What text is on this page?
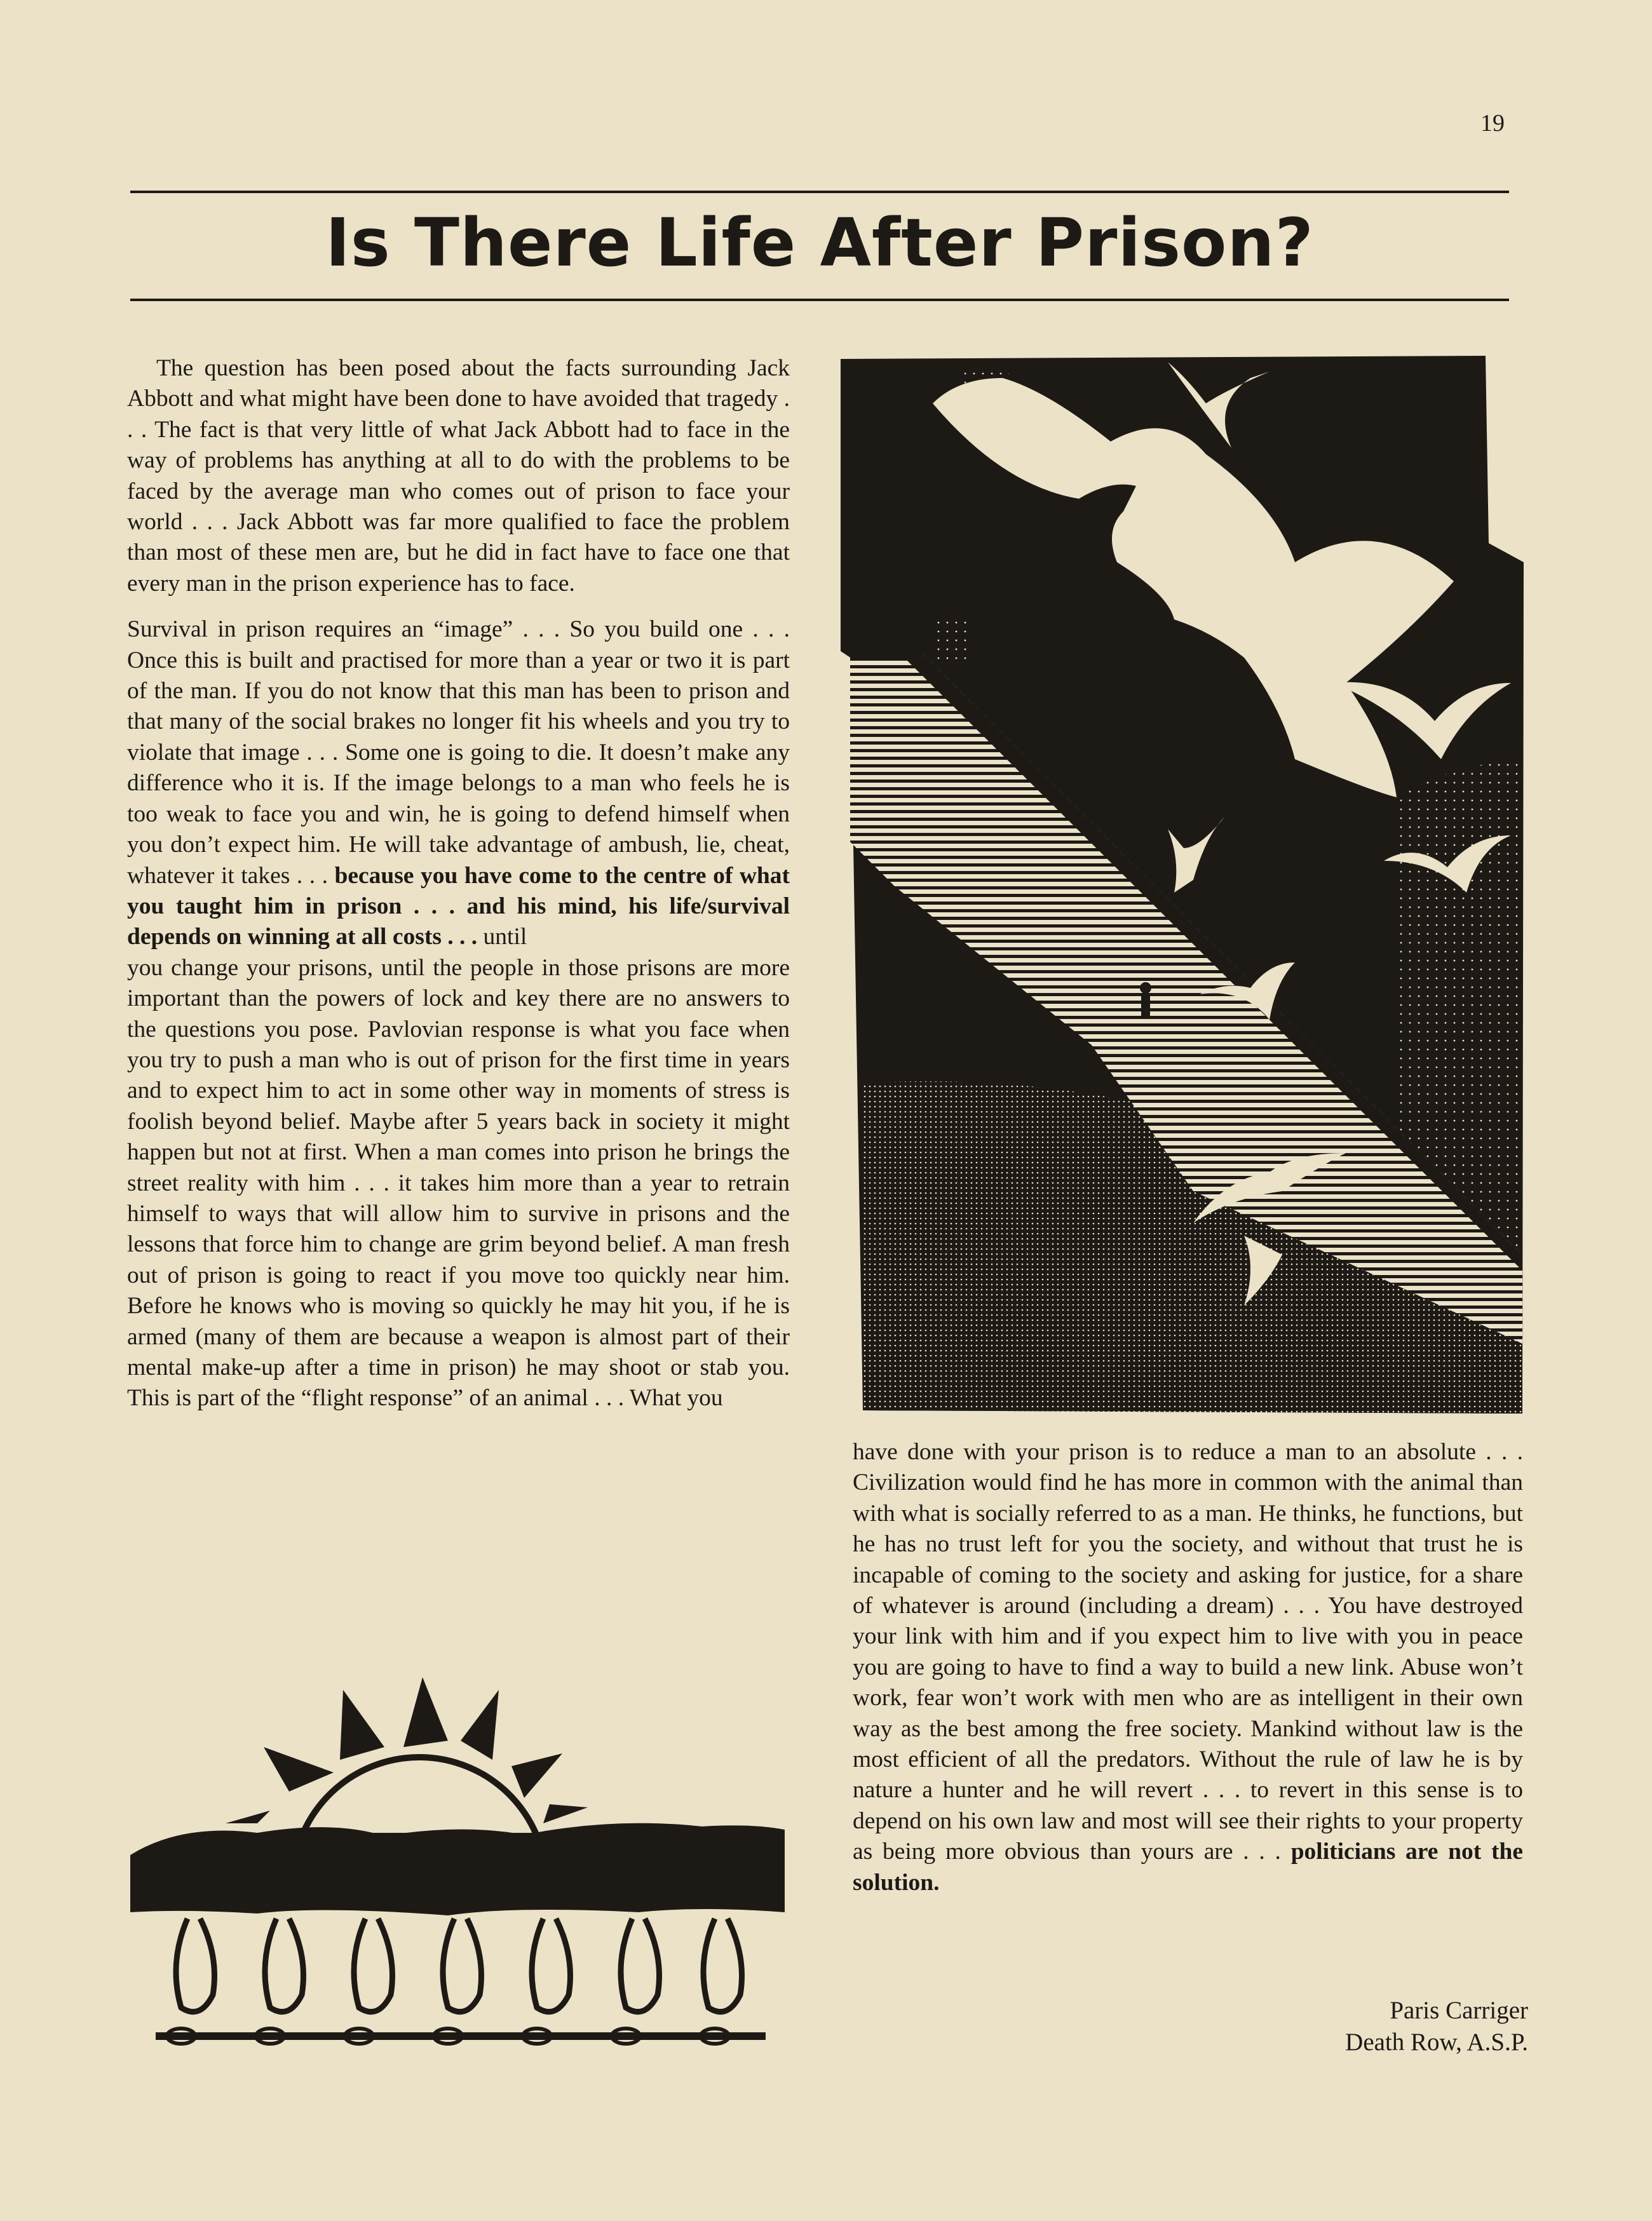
19
Is There Life After Prison?

The question has been posed about the facts surrounding Jack Abbott and what might have been done to have avoided that tragedy . . . The fact is that very little of what Jack Abbott had to face in the way of problems has anything at all to do with the problems to be faced by the average man who comes out of prison to face your world . . . Jack Abbott was far more qualified to face the problem than most of these men are, but he did in fact have to face one that every man in the prison experience has to face.

Survival in prison requires an “image” . . . So you build one . . . Once this is built and practised for more than a year or two it is part of the man. If you do not know that this man has been to prison and that many of the social brakes no longer fit his wheels and you try to violate that image . . . Some one is going to die. It doesn’t make any difference who it is. If the image belongs to a man who feels he is too weak to face you and win, he is going to defend himself when you don’t expect him. He will take advantage of ambush, lie, cheat, whatever it takes . . . because you have come to the centre of what you taught him in prison . . . and his mind, his life/survival depends on winning at all costs . . . until

you change your prisons, until the people in those prisons are more important than the powers of lock and key there are no answers to the questions you pose. Pavlovian response is what you face when you try to push a man who is out of prison for the first time in years and to expect him to act in some other way in moments of stress is foolish beyond belief. Maybe after 5 years back in society it might happen but not at first. When a man comes into prison he brings the street reality with him . . . it takes him more than a year to retrain himself to ways that will allow him to survive in prisons and the lessons that force him to change are grim beyond belief. A man fresh out of prison is going to react if you move too quickly near him. Before he knows who is moving so quickly he may hit you, if he is armed (many of them are because a weapon is almost part of their mental make-up after a time in prison) he may shoot or stab you. This is part of the “flight response” of an animal . . . What you

have done with your prison is to reduce a man to an absolute . . . Civilization would find he has more in common with the animal than with what is socially referred to as a man. He thinks, he functions, but he has no trust left for you the society, and without that trust he is incapable of coming to the society and asking for justice, for a share of whatever is around (including a dream) . . . You have destroyed your link with him and if you expect him to live with you in peace you are going to have to find a way to build a new link. Abuse won’t work, fear won’t work with men who are as intelligent in their own way as the best among the free society. Mankind without law is the most efficient of all the predators. Without the rule of law he is by nature a hunter and he will revert . . . to revert in this sense is to depend on his own law and most will see their rights to your property as being more obvious than yours are . . . politicians are not the solution.

Paris Carriger
Death Row, A.S.P.
